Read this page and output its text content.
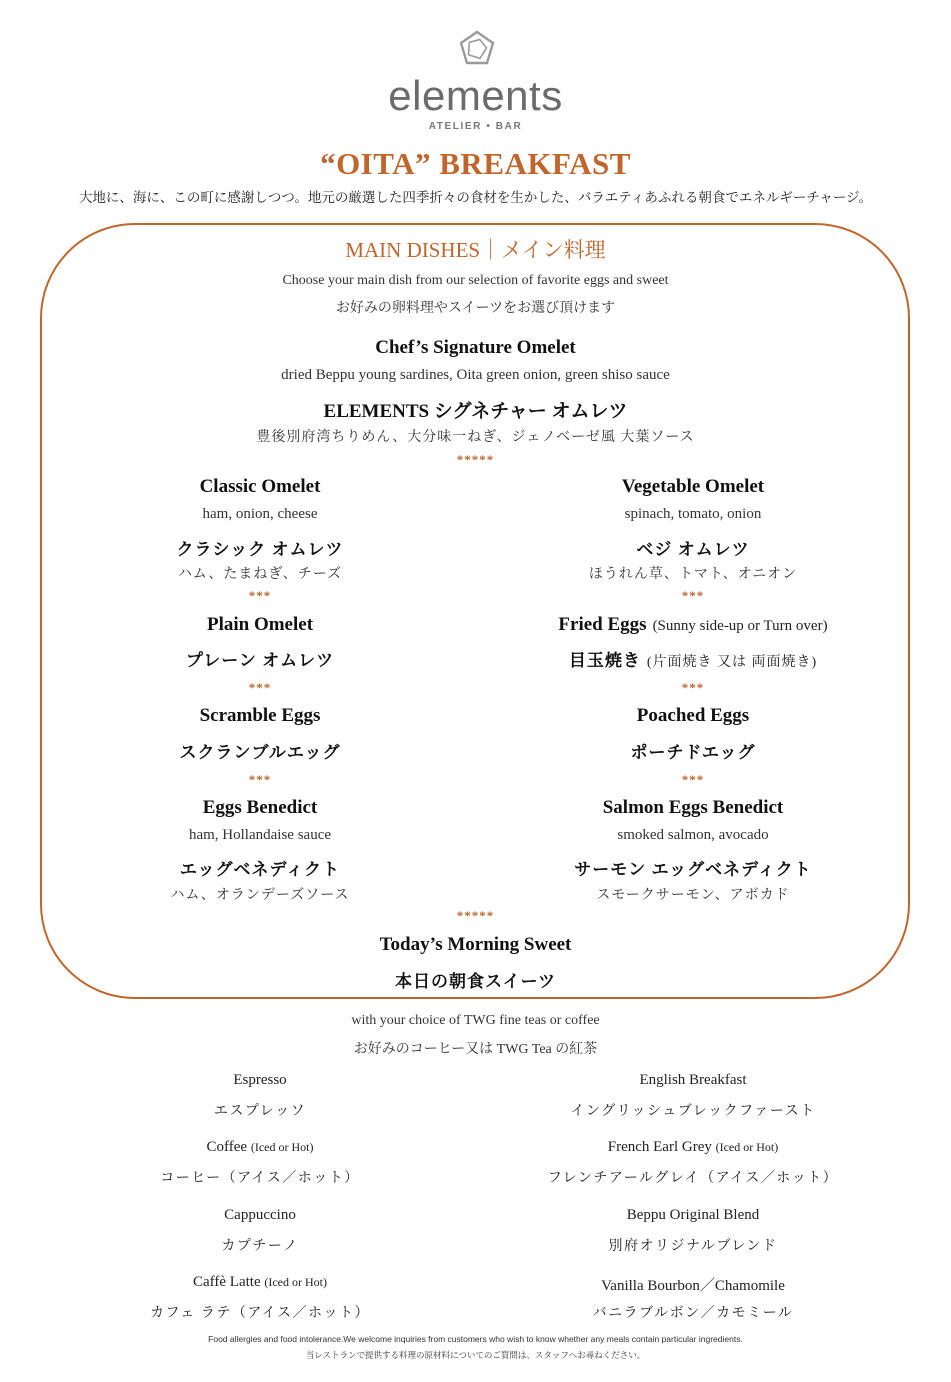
elements
ATELIER • BAR
“OITA” BREAKFAST
大地に、海に、この町に感謝しつつ。地元の厳選した四季折々の食材を生かした、バラエティあふれる朝食でエネルギーチャージ。
MAIN DISHES｜メイン料理
Choose your main dish from our selection of favorite eggs and sweet
お好みの卵料理やスイーツをお選び頂けます
Chef’s Signature Omelet
dried Beppu young sardines, Oita green onion, green shiso sauce
ELEMENTS シグネチャー オムレツ
豊後別府湾ちりめん、大分味一ねぎ、ジェノベーゼ風 大葉ソース
*****
Classic Omelet
ham, onion, cheese
クラシック オムレツ
ハム、たまねぎ、チーズ
***
Plain Omelet
プレーン オムレツ
***
Scramble Eggs
スクランブルエッグ
***
Eggs Benedict
ham, Hollandaise sauce
エッグベネディクト
ハム、オランデーズソース
Vegetable Omelet
spinach, tomato, onion
ベジ オムレツ
ほうれん草、トマト、オニオン
***
Fried Eggs (Sunny side-up or Turn over)
目玉焼き (片面焼き 又は 両面焼き)
***
Poached Eggs
ポーチドエッグ
***
Salmon Eggs Benedict
smoked salmon, avocado
サーモン エッグベネディクト
スモークサーモン、アボカド
*****
Today’s Morning Sweet
本日の朝食スイーツ
with your choice of TWG fine teas or coffee
お好みのコーヒー又は TWG Tea の紅茶
Espresso
エスプレッソ
Coffee (Iced or Hot)
コーヒー（アイス／ホット）
Cappuccino
カプチーノ
Caffè Latte (Iced or Hot)
カフェ ラテ（アイス／ホット）
English Breakfast
イングリッシュブレックファースト
French Earl Grey (Iced or Hot)
フレンチアールグレイ（アイス／ホット）
Beppu Original Blend
別府オリジナルブレンド
Vanilla Bourbon／Chamomile
バニラブルボン／カモミール
Food allergies and food intolerance.We welcome inquiries from customers who wish to know whether any meals contain particular ingredients.
当レストランで提供する料理の原材料についてのご質問は、スタッフへお尋ねください。
